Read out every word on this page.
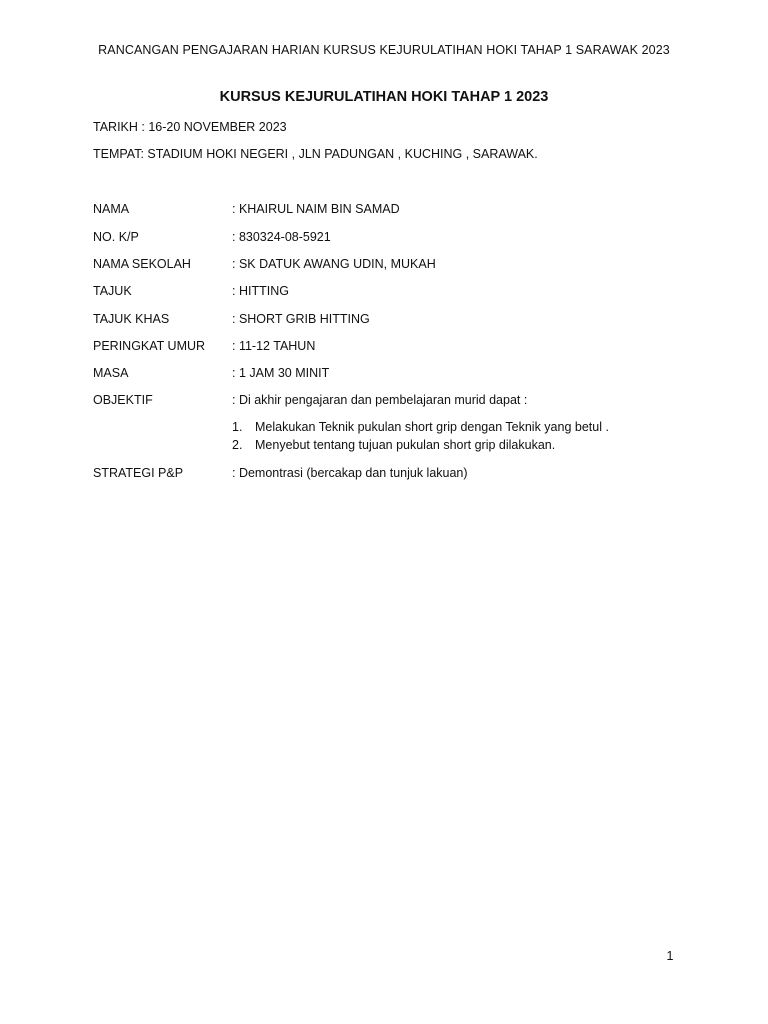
RANCANGAN PENGAJARAN HARIAN KURSUS KEJURULATIHAN HOKI TAHAP 1 SARAWAK 2023
KURSUS KEJURULATIHAN HOKI TAHAP 1 2023
TARIKH : 16-20 NOVEMBER 2023
TEMPAT: STADIUM HOKI NEGERI , JLN PADUNGAN , KUCHING , SARAWAK.
NAMA	: KHAIRUL NAIM BIN SAMAD
NO. K/P	: 830324-08-5921
NAMA SEKOLAH	: SK DATUK AWANG UDIN, MUKAH
TAJUK	: HITTING
TAJUK KHAS	: SHORT GRIB HITTING
PERINGKAT UMUR : 11-12 TAHUN
MASA	: 1 JAM 30 MINIT
OBJEKTIF	: Di akhir pengajaran dan pembelajaran murid dapat :
1. Melakukan Teknik pukulan short grip dengan Teknik yang betul .
2. Menyebut tentang tujuan pukulan short grip dilakukan.
STRATEGI P&P	: Demontrasi (bercakap dan tunjuk lakuan)
1
